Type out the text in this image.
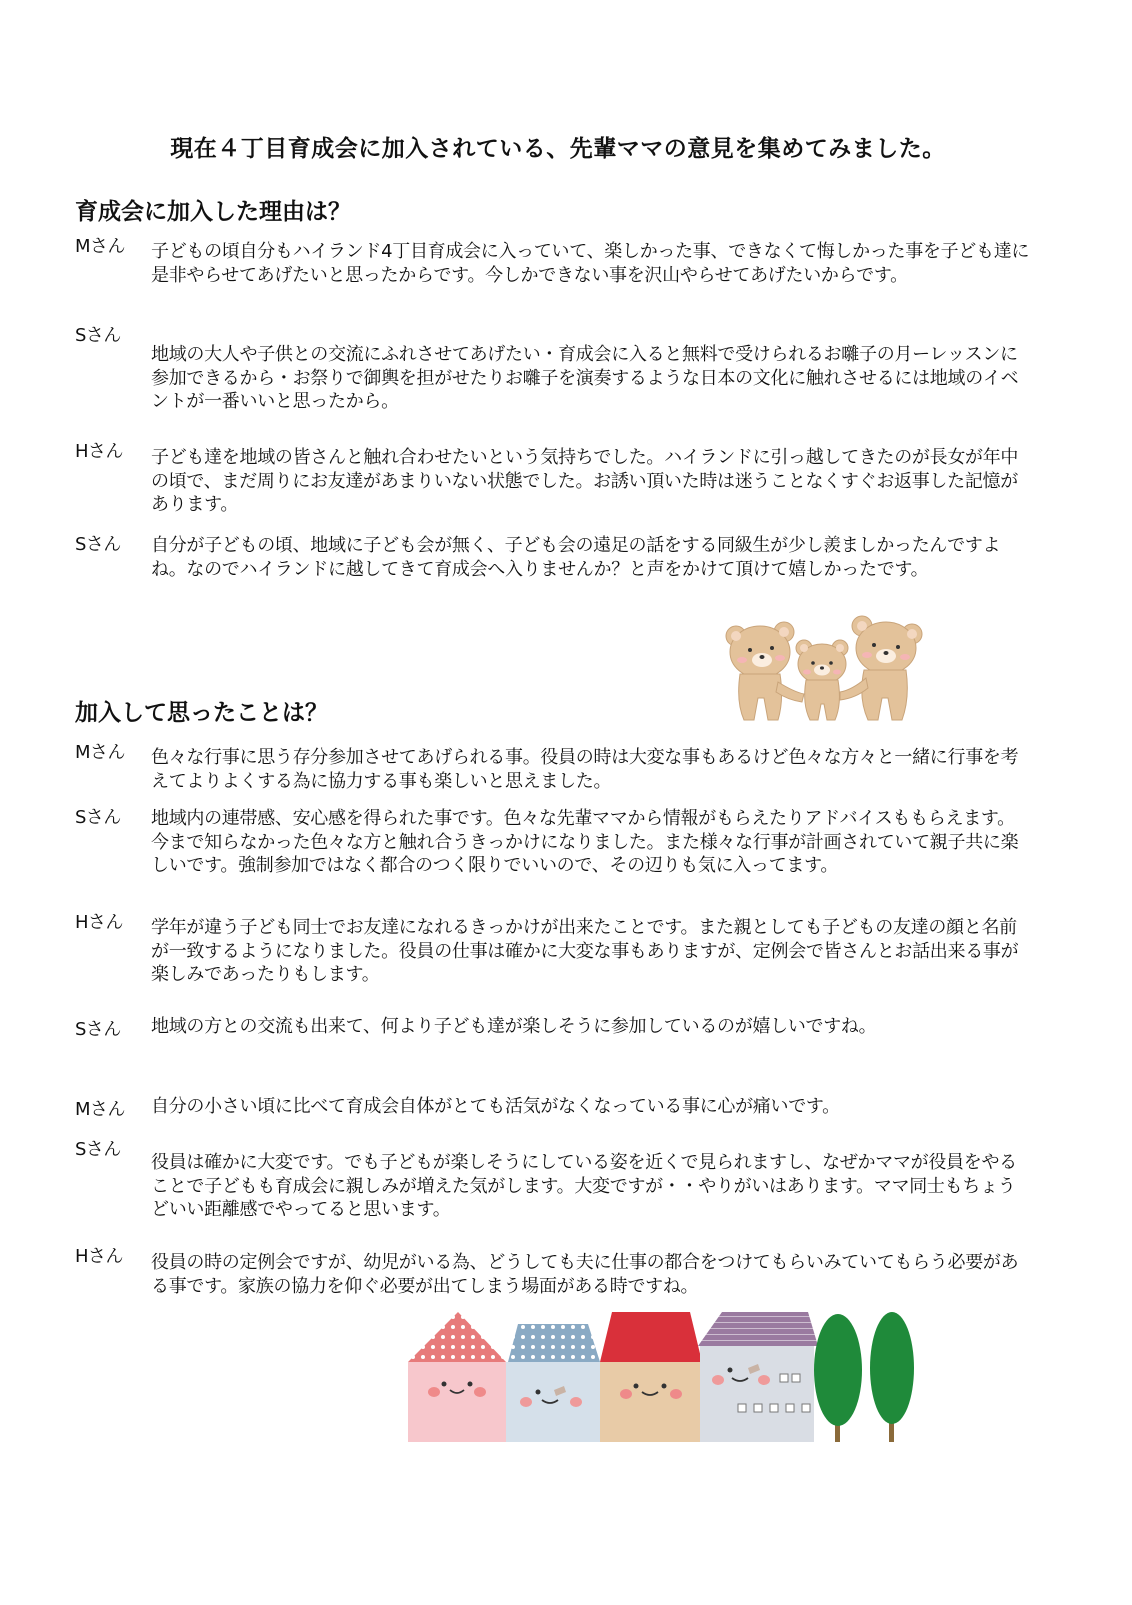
現在４丁目育成会に加入されている、先輩ママの意見を集めてみました。
育成会に加入した理由は？
Mさん 子どもの頃自分もハイランド4丁目育成会に入っていて、楽しかった事、できなくて悔しかった事を子ども達に是非やらせてあげたいと思ったからです。今しかできない事を沢山やらせてあげたいからです。
Sさん
地域の大人や子供との交流にふれさせてあげたい・育成会に入ると無料で受けられるお囃子の月ーレッスンに参加できるから・お祭りで御輿を担がせたりお囃子を演奏するような日本の文化に触れさせるには地域のイベントが一番いいと思ったから。
Hさん 子ども達を地域の皆さんと触れ合わせたいという気持ちでした。ハイランドに引っ越してきたのが長女が年中の頃で、まだ周りにお友達があまりいない状態でした。お誘い頂いた時は迷うことなくすぐお返事した記憶があります。
Sさん 自分が子どもの頃、地域に子ども会が無く、子ども会の遠足の話をする同級生が少し羨ましかったんですよね。なのでハイランドに越してきて育成会へ入りませんか？と声をかけて頂けて嬉しかったです。
加入して思ったことは？
Mさん 色々な行事に思う存分参加させてあげられる事。役員の時は大変な事もあるけど色々な方々と一緒に行事を考えてよりよくする為に協力する事も楽しいと思えました。
Sさん 地域内の連帯感、安心感を得られた事です。色々な先輩ママから情報がもらえたりアドバイスももらえます。今まで知らなかった色々な方と触れ合うきっかけになりました。また様々な行事が計画されていて親子共に楽しいです。強制参加ではなく都合のつく限りでいいので、その辺りも気に入ってます。
Hさん 学年が違う子ども同士でお友達になれるきっかけが出来たことです。また親としても子どもの友達の顔と名前が一致するようになりました。役員の仕事は確かに大変な事もありますが、定例会で皆さんとお話出来る事が楽しみであったりもします。
Sさん 地域の方との交流も出来て、何より子ども達が楽しそうに参加しているのが嬉しいですね。
Mさん 自分の小さい頃に比べて育成会自体がとても活気がなくなっている事に心が痛いです。
Sさん
役員は確かに大変です。でも子どもが楽しそうにしている姿を近くで見られますし、なぜかママが役員をやることで子どもも育成会に親しみが増えた気がします。大変ですが・・やりがいはあります。ママ同士もちょうどいい距離感でやってると思います。
Hさん 役員の時の定例会ですが、幼児がいる為、どうしても夫に仕事の都合をつけてもらいみていてもらう必要がある事です。家族の協力を仰ぐ必要が出てしまう場面がある時ですね。
